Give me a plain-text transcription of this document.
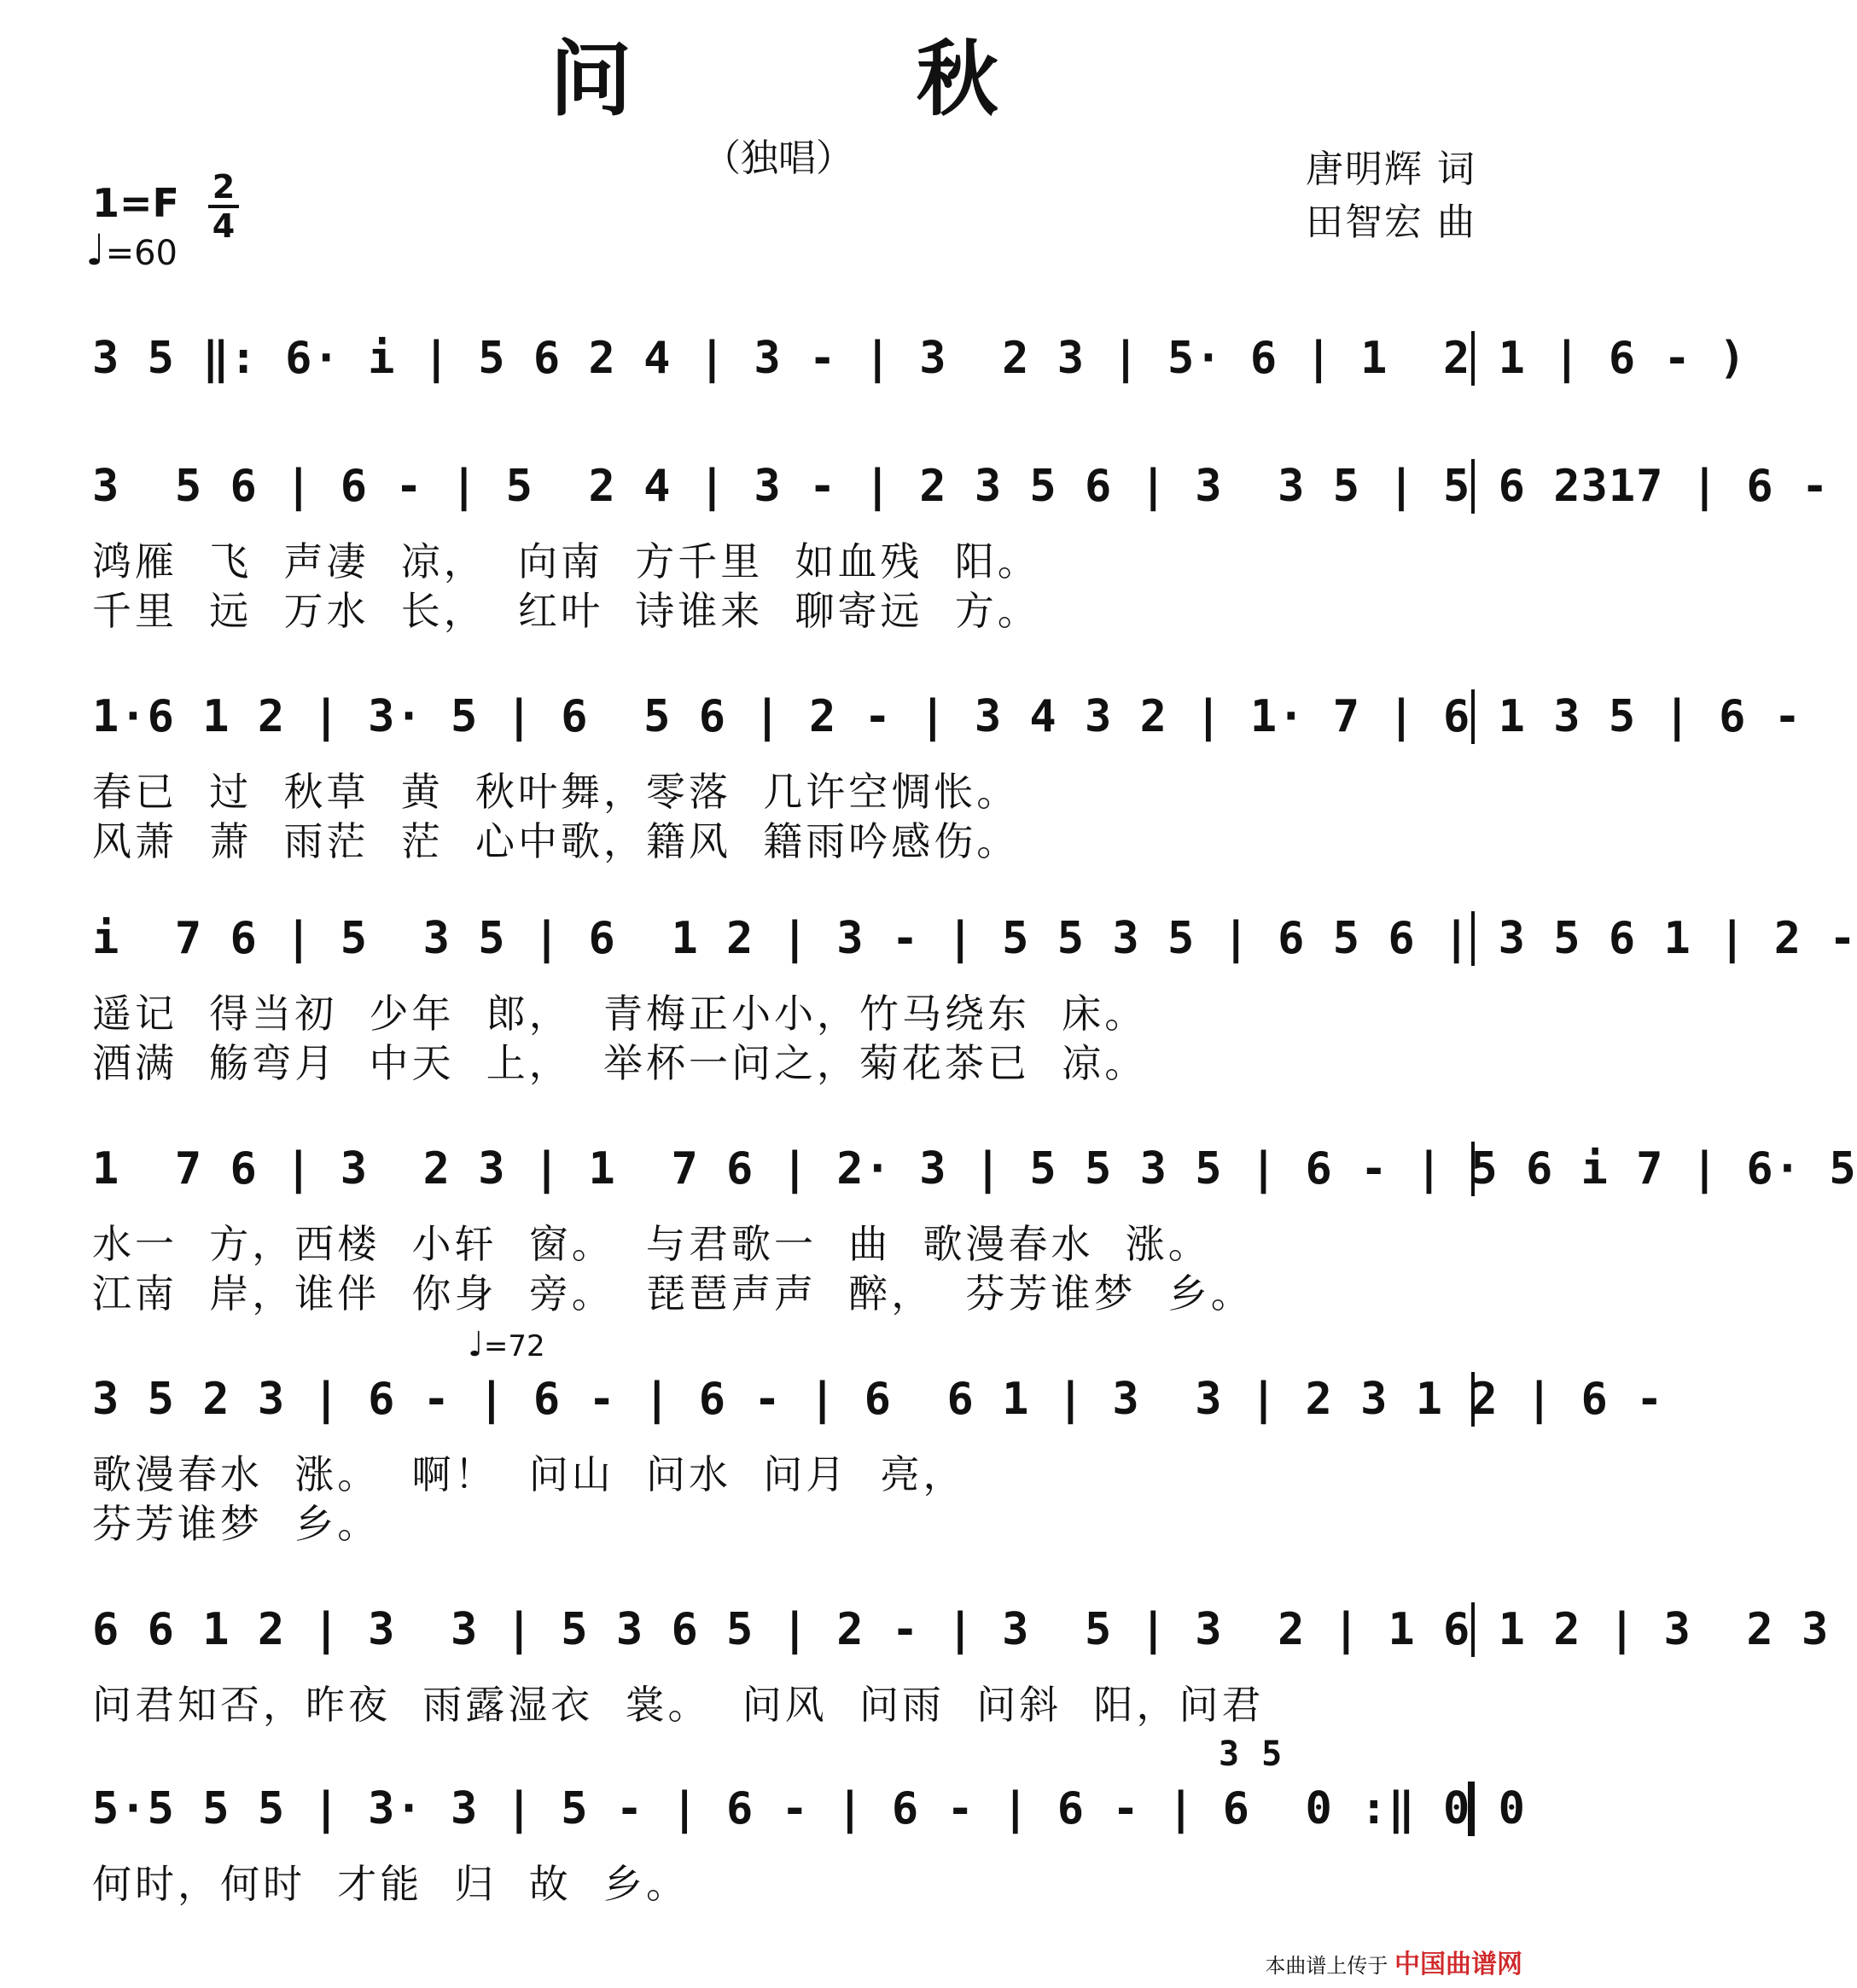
问 秋
（独唱）	唐明辉 词
田智宏 曲
1=F 2
4
♩=60
3 5 ‖: 6· i | 5 6 2 4 | 3 - | 3  2 3 | 5· 6 | 1  2 1 | 6 - )
3  5 6 | 6 - | 5  2 4 | 3 - | 2 3 5 6 | 3  3 5 | 5 6 2317 | 6 -
鸿雁  飞  声凄  凉，  向南  方千里  如血残  阳。
千里  远  万水  长，  红叶  诗谁来  聊寄远  方。
1·6 1 2 | 3· 5 | 6  5 6 | 2 - | 3 4 3 2 | 1· 7 | 6 1 3 5 | 6 -
春已  过  秋草  黄  秋叶舞，零落  几许空惆怅。
风萧  萧  雨茫  茫  心中歌，籍风  籍雨吟感伤。
i  7 6 | 5  3 5 | 6  1 2 | 3 - | 5 5 3 5 | 6 5 6 | 3 5 6 1 | 2 -
遥记  得当初  少年  郎，  青梅正小小，竹马绕东  床。
酒满  觞弯月  中天  上，  举杯一问之，菊花茶已  凉。
1  7 6 | 3  2 3 | 1  7 6 | 2· 3 | 5 5 3 5 | 6 - | 5 6 i 7 | 6· 5
水一  方，西楼  小轩  窗。  与君歌一  曲  歌漫春水  涨。
江南  岸，谁伴  你身  旁。  琵琶声声  醉，  芬芳谁梦  乡。
♩=72
3 5 2 3 | 6 - | 6 - | 6 - | 6  6 1 | 3  3 | 2 3 1 2 | 6 -
歌漫春水  涨。  啊！  问山  问水  问月  亮，
芬芳谁梦  乡。
6 6 1 2 | 3  3 | 5 3 6 5 | 2 - | 3  5 | 3  2 | 1 6 1 2 | 3  2 3
问君知否，昨夜  雨露湿衣  裳。  问风  问雨  问斜  阳，问君
3 5
5·5 5 5 | 3· 3 | 5 - | 6 - | 6 - | 6 - | 6  0 :‖ 0 0
何时，何时  才能  归  故  乡。
本曲谱上传于 中国曲谱网
